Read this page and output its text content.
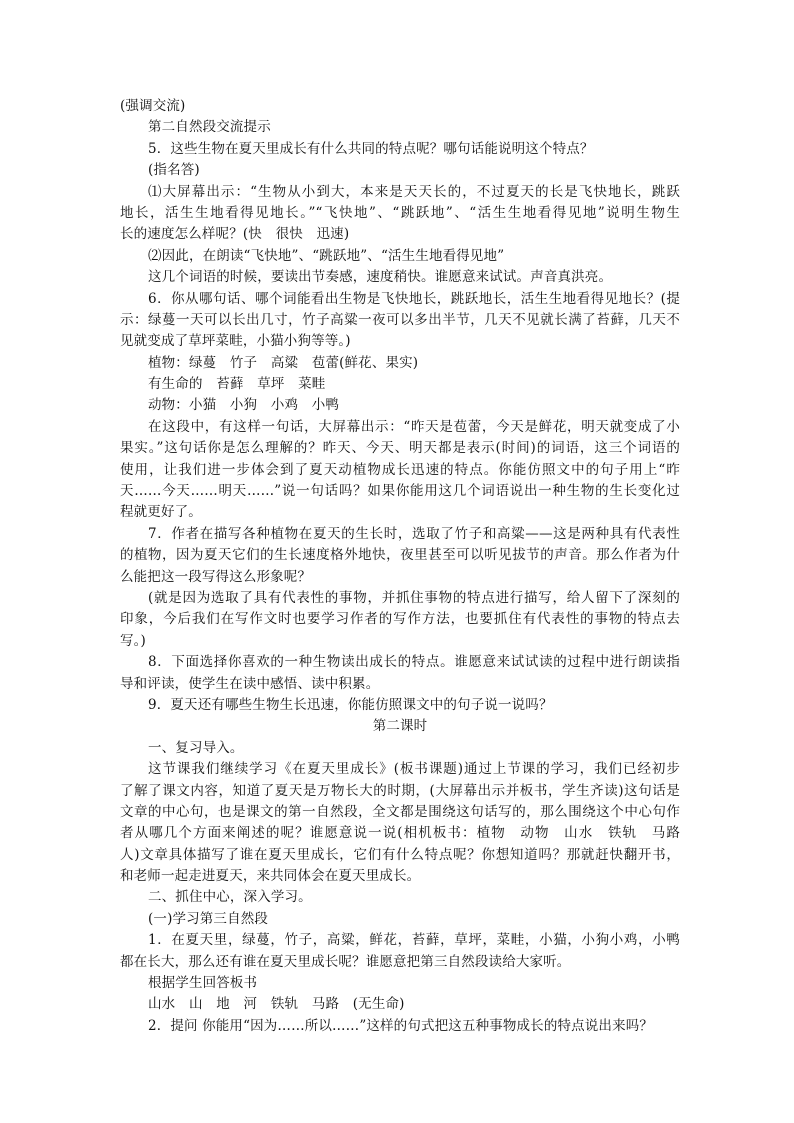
(强调交流)
第二自然段交流提示
5．这些生物在夏天里成长有什么共同的特点呢？哪句话能说明这个特点？
(指名答)
⑴大屏幕出示：“生物从小到大，本来是天天长的，不过夏天的长是飞快地长，跳跃
地长，活生生地看得见地长。”“飞快地”、“跳跃地”、“活生生地看得见地”说明生物生
长的速度怎么样呢？(快　很快　迅速)
⑵因此，在朗读“飞快地”、“跳跃地”、“活生生地看得见地”
这几个词语的时候，要读出节奏感，速度稍快。谁愿意来试试。声音真洪亮。
6．你从哪句话、哪个词能看出生物是飞快地长，跳跃地长，活生生地看得见地长？(提
示：绿蔓一天可以长出几寸，竹子高粱一夜可以多出半节，几天不见就长满了苔藓，几天不
见就变成了草坪菜畦，小猫小狗等等。)
植物：绿蔓　竹子　高粱　苞蕾(鲜花、果实)
有生命的　苔藓　草坪　菜畦
动物：小猫　小狗　小鸡　小鸭
在这段中，有这样一句话，大屏幕出示：“昨天是苞蕾，今天是鲜花，明天就变成了小
果实。”这句话你是怎么理解的？昨天、今天、明天都是表示(时间)的词语，这三个词语的
使用，让我们进一步体会到了夏天动植物成长迅速的特点。你能仿照文中的句子用上“昨
天……今天……明天……”说一句话吗？如果你能用这几个词语说出一种生物的生长变化过
程就更好了。
7．作者在描写各种植物在夏天的生长时，选取了竹子和高粱——这是两种具有代表性
的植物，因为夏天它们的生长速度格外地快，夜里甚至可以听见拔节的声音。那么作者为什
么能把这一段写得这么形象呢？
(就是因为选取了具有代表性的事物，并抓住事物的特点进行描写，给人留下了深刻的
印象，今后我们在写作文时也要学习作者的写作方法，也要抓住有代表性的事物的特点去
写。)
8．下面选择你喜欢的一种生物读出成长的特点。谁愿意来试试读的过程中进行朗读指
导和评读，使学生在读中感悟、读中积累。
9．夏天还有哪些生物生长迅速，你能仿照课文中的句子说一说吗？
第二课时
一、复习导入。
这节课我们继续学习《在夏天里成长》(板书课题)通过上节课的学习，我们已经初步
了解了课文内容，知道了夏天是万物长大的时期，(大屏幕出示并板书，学生齐读)这句话是
文章的中心句，也是课文的第一自然段，全文都是围绕这句话写的，那么围绕这个中心句作
者从哪几个方面来阐述的呢？谁愿意说一说(相机板书：植物　动物　山水　铁轨　马路
人)文章具体描写了谁在夏天里成长，它们有什么特点呢？你想知道吗？那就赶快翻开书，
和老师一起走进夏天，来共同体会在夏天里成长。
二、抓住中心，深入学习。
(一)学习第三自然段
1．在夏天里，绿蔓，竹子，高粱，鲜花，苔藓，草坪，菜畦，小猫，小狗小鸡，小鸭
都在长大，那么还有谁在夏天里成长呢？谁愿意把第三自然段读给大家听。
根据学生回答板书
山水　山　地　河　铁轨　马路　(无生命)
2．提问 你能用“因为……所以……”这样的句式把这五种事物成长的特点说出来吗？
